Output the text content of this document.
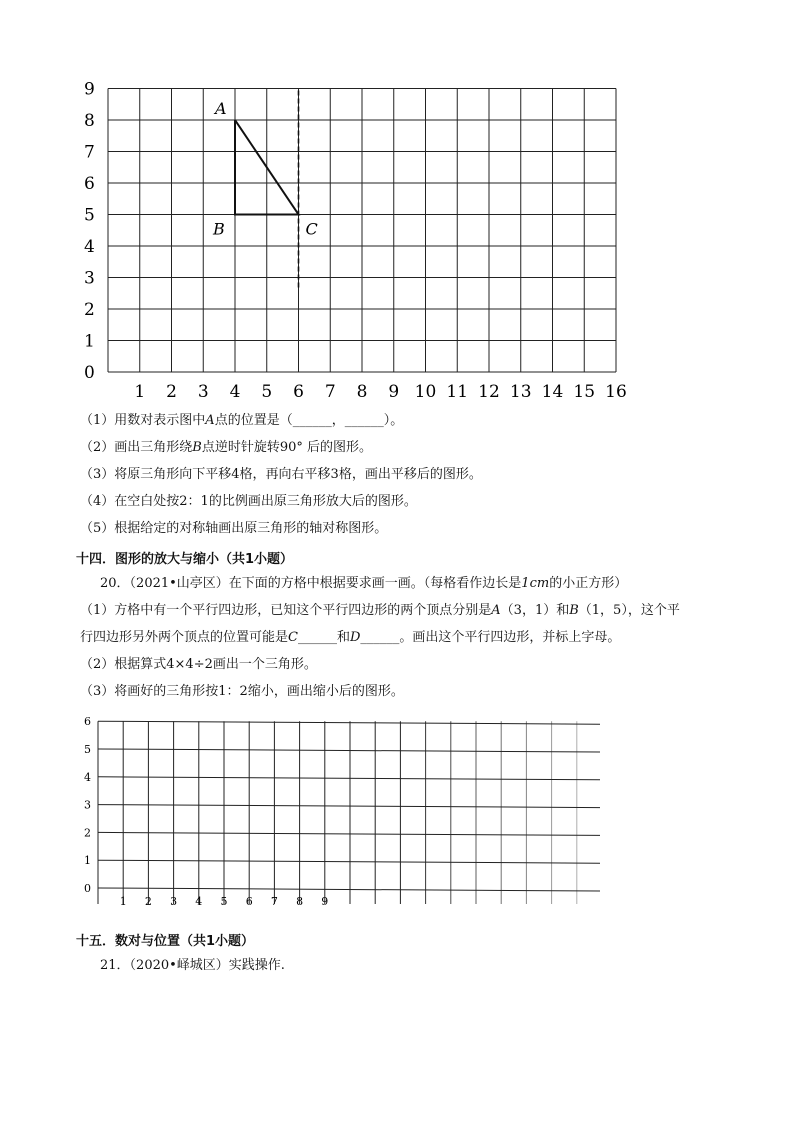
0
1
2
3
4
5
6
7
8
9
1 2 3 4 5 6 7 8 9 10 11 12 13 14 15 16
A
B	C
（1）用数对表示图中A点的位置是（______，______）。
（2）画出三角形绕B点逆时针旋转90° 后的图形。
（3）将原三角形向下平移4格，再向右平移3格，画出平移后的图形。
（4）在空白处按2：1的比例画出原三角形放大后的图形。
（5）根据给定的对称轴画出原三角形的轴对称图形。
十四．图形的放大与缩小（共1小题）
20．（2021•山亭区）在下面的方格中根据要求画一画。（每格看作边长是1cm的小正方形）
（1）方格中有一个平行四边形，已知这个平行四边形的两个顶点分别是A（3，1）和B（1，5），这个平
行四边形另外两个顶点的位置可能是C______和D______。画出这个平行四边形，并标上字母。
（2）根据算式4×4÷2画出一个三角形。
（3）将画好的三角形按1：2缩小，画出缩小后的图形。
0
1
2
3
4
5
6
1 2 3 4 5 6 7 8 9
十五．数对与位置（共1小题）
21．（2020•峄城区）实践操作.
